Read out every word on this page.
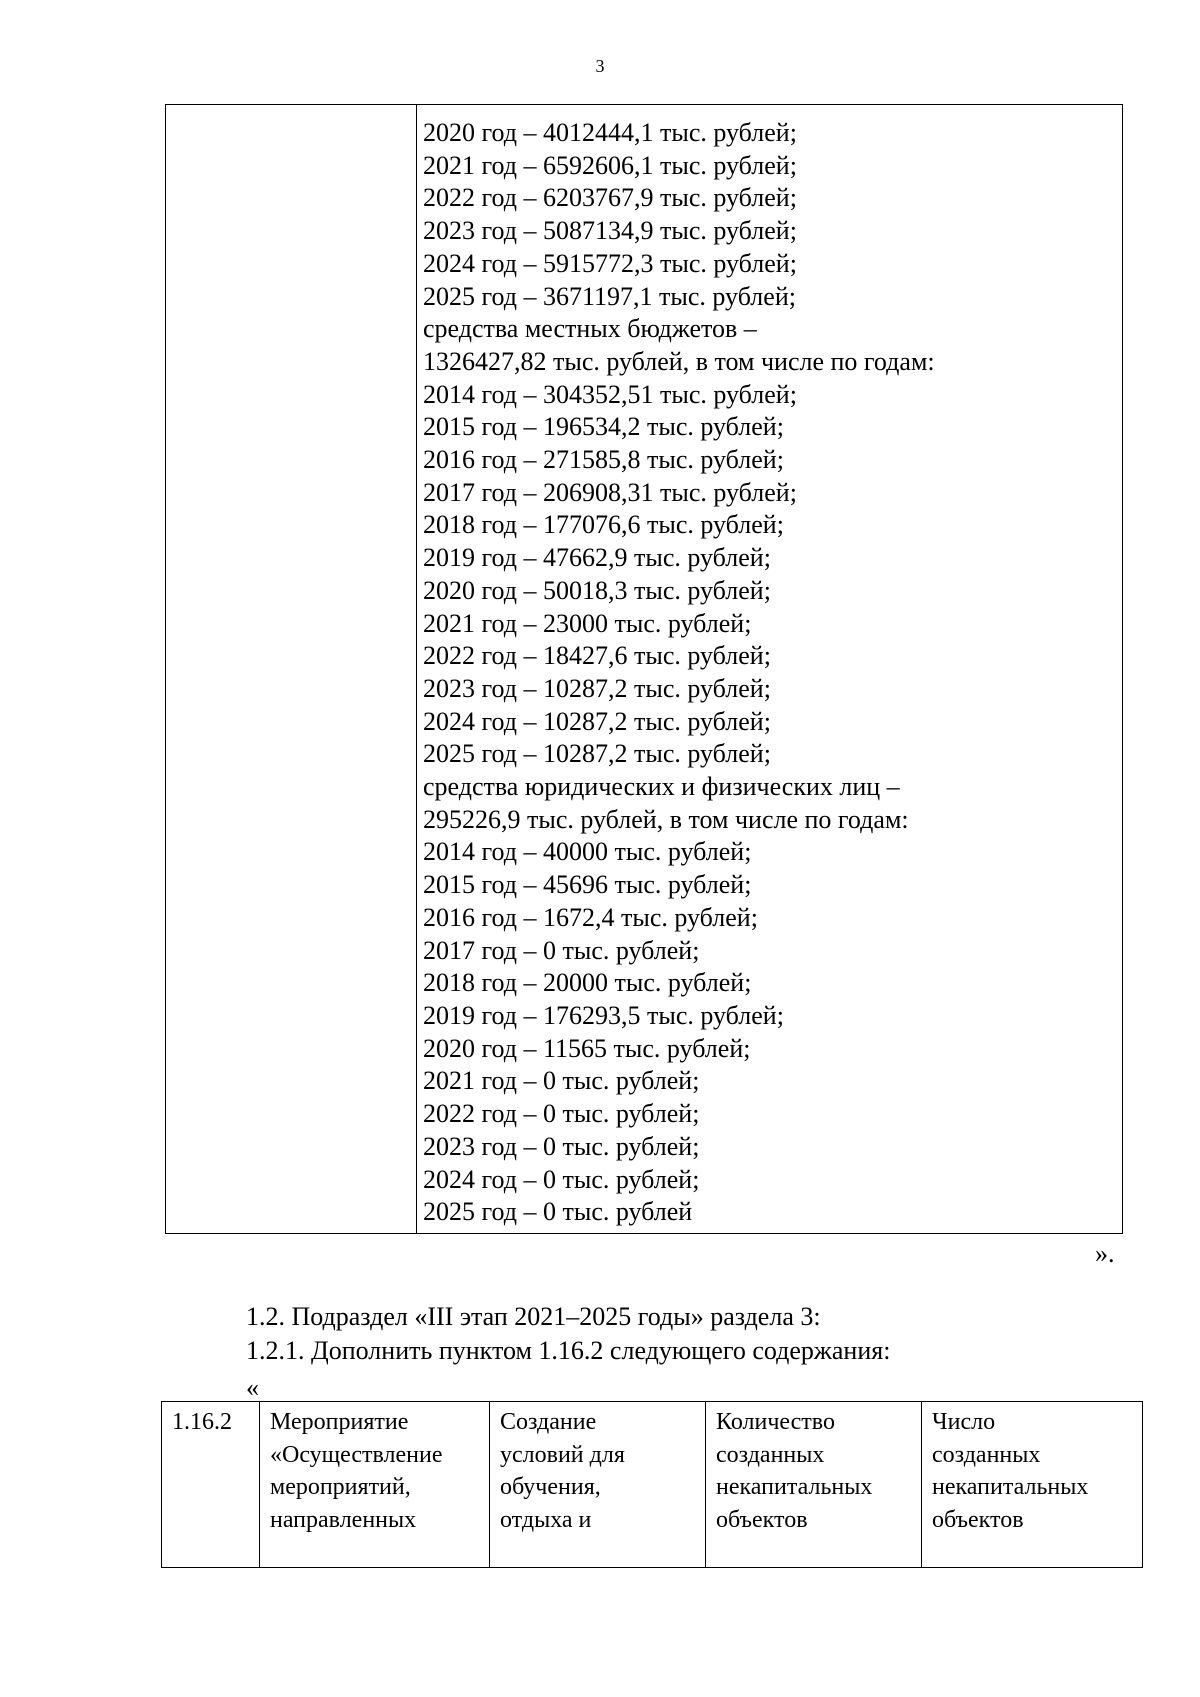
3
2020 год – 4012444,1 тыс. рублей;
2021 год – 6592606,1 тыс. рублей;
2022 год – 6203767,9 тыс. рублей;
2023 год – 5087134,9 тыс. рублей;
2024 год – 5915772,3 тыс. рублей;
2025 год – 3671197,1 тыс. рублей;
средства местных бюджетов –
1326427,82 тыс. рублей, в том числе по годам:
2014 год – 304352,51 тыс. рублей;
2015 год – 196534,2 тыс. рублей;
2016 год – 271585,8 тыс. рублей;
2017 год – 206908,31 тыс. рублей;
2018 год – 177076,6 тыс. рублей;
2019 год – 47662,9 тыс. рублей;
2020 год – 50018,3 тыс. рублей;
2021 год – 23000 тыс. рублей;
2022 год – 18427,6 тыс. рублей;
2023 год – 10287,2 тыс. рублей;
2024 год – 10287,2 тыс. рублей;
2025 год – 10287,2 тыс. рублей;
средства юридических и физических лиц –
295226,9 тыс. рублей, в том числе по годам:
2014 год – 40000 тыс. рублей;
2015 год – 45696 тыс. рублей;
2016 год – 1672,4 тыс. рублей;
2017 год – 0 тыс. рублей;
2018 год – 20000 тыс. рублей;
2019 год – 176293,5 тыс. рублей;
2020 год – 11565 тыс. рублей;
2021 год – 0 тыс. рублей;
2022 год – 0 тыс. рублей;
2023 год – 0 тыс. рублей;
2024 год – 0 тыс. рублей;
2025 год – 0 тыс. рублей
».
1.2. Подраздел «III этап 2021–2025 годы» раздела 3:
1.2.1. Дополнить пунктом 1.16.2 следующего содержания:
«
1.16.2	Мероприятие
«Осуществление
мероприятий,
направленных
Создание
условий для
обучения,
отдыха и
Количество
созданных
некапитальных
объектов
Число
созданных
некапитальных
объектов
